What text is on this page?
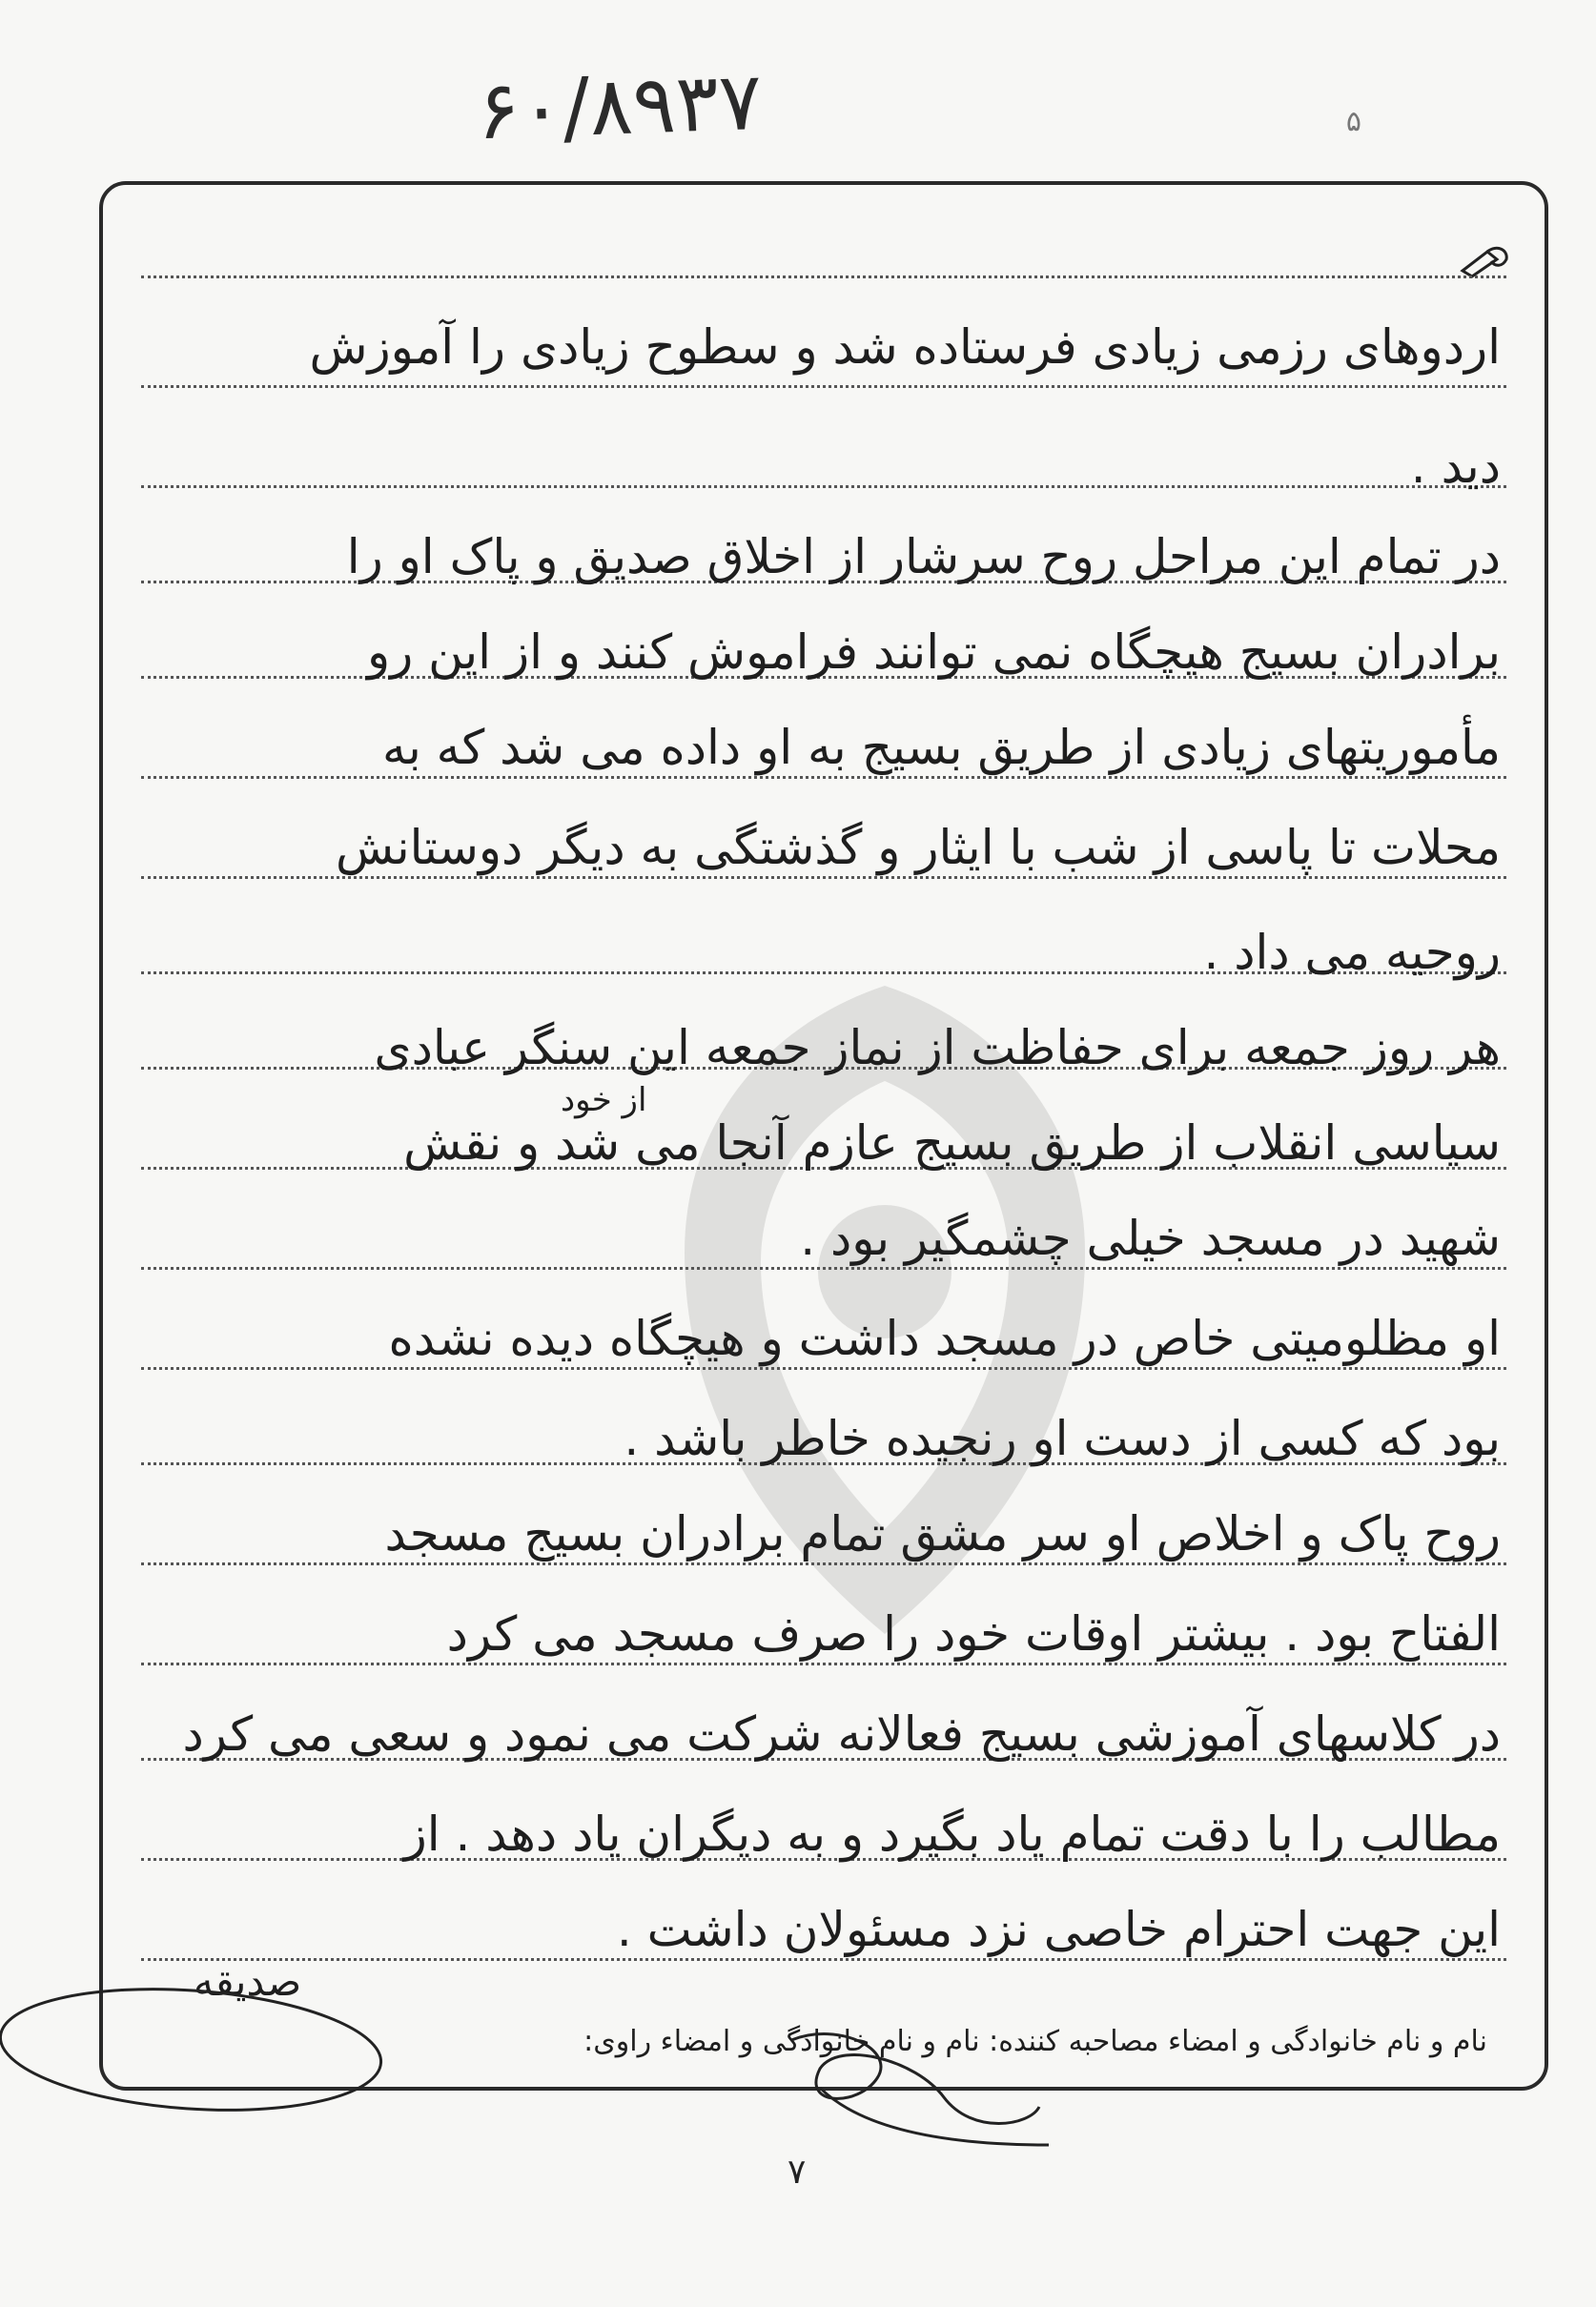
۶۰/۸۹۳۷	۵
اردوهای رزمی زیادی فرستاده شد و سطوح زیادی را آموزش
دید .
در تمام این مراحل روح سرشار از اخلاق صدیق و پاک او را
برادران بسیج هیچگاه نمی توانند فراموش کنند و از این رو
مأموریتهای زیادی از طریق بسیج به او داده می شد که به
محلات تا پاسی از شب با ایثار و گذشتگی به دیگر دوستانش
از خود
روحیه می داد .
هر روز جمعه برای حفاظت از نماز جمعه این سنگر عبادی
سیاسی انقلاب از طریق بسیج عازم آنجا می شد و نقش
شهید در مسجد خیلی چشمگیر بود .
او مظلومیتی خاص در مسجد داشت و هیچگاه دیده نشده
بود که کسی از دست او رنجیده خاطر باشد .
روح پاک و اخلاص او سر مشق تمام برادران بسیج مسجد
الفتاح بود . بیشتر اوقات خود را صرف مسجد می کرد
در کلاسهای آموزشی بسیج فعالانه شرکت می نمود و سعی می کرد
مطالب را با دقت تمام یاد بگیرد و به دیگران یاد دهد . از
این جهت احترام خاصی نزد مسئولان داشت .
نام و نام خانوادگی و امضاء مصاحبه کننده: نام و نام خانوادگی و امضاء راوی:
صدیقه
۷
